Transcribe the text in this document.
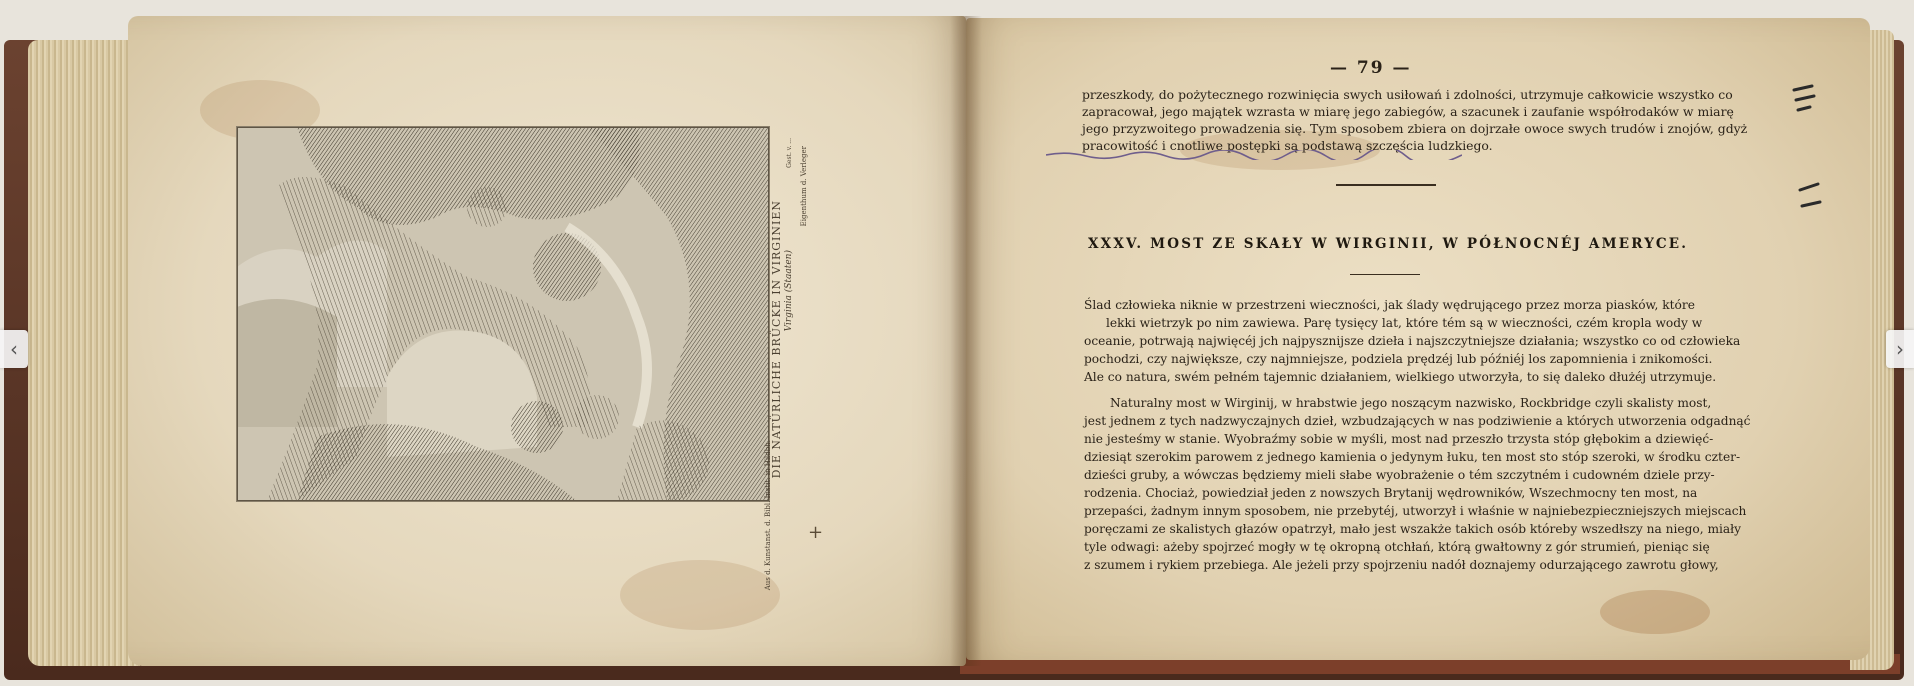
DIE NATÜRLICHE BRÜCKE IN VIRGINIEN Virginia (Staaten)
Eigenthum d. Verleger
Aus d. Kunstanst. d. Bibl. Instit. in Hildbh.
Gest. v. ...
+
— 79 —
przeszkody, do pożytecznego rozwinięcia swych usiłowań i zdolności, utrzymuje całkowicie wszystko co
zapracował, jego majątek wzrasta w miarę jego zabiegów, a szacunek i zaufanie współrodaków w miarę
jego przyzwoitego prowadzenia się. Tym sposobem zbiera on dojrzałe owoce swych trudów i znojów, gdyż
pracowitość i cnotliwe postępki są podstawą szczęścia ludzkiego.
XXXV. MOST ZE SKAŁY W WIRGINII, W PÓŁNOCNÉJ AMERYCE.
Ślad człowieka niknie w przestrzeni wieczności, jak ślady wędrującego przez morza piasków, które
lekki wietrzyk po nim zawiewa. Parę tysięcy lat, które tém są w wieczności, czém kropla wody w
oceanie, potrwają najwięcéj jch najpysznijsze dzieła i najszczytniejsze działania; wszystko co od człowieka
pochodzi, czy największe, czy najmniejsze, podziela prędzéj lub późniéj los zapomnienia i znikomości.
Ale co natura, swém pełném tajemnic działaniem, wielkiego utworzyła, to się daleko dłużéj utrzymuje.
Naturalny most w Wirginij, w hrabstwie jego noszącym nazwisko, Rockbridge czyli skalisty most,
jest jednem z tych nadzwyczajnych dzieł, wzbudzających w nas podziwienie a których utworzenia odgadnąć
nie jesteśmy w stanie. Wyobraźmy sobie w myśli, most nad przeszło trzysta stóp głębokim a dziewięć-
dziesiąt szerokim parowem z jednego kamienia o jedynym łuku, ten most sto stóp szeroki, w środku czter-
dzieści gruby, a wówczas będziemy mieli słabe wyobrażenie o tém szczytném i cudowném dziele przy-
rodzenia. Chociaż, powiedział jeden z nowszych Brytanij wędrowników, Wszechmocny ten most, na
przepaści, żadnym innym sposobem, nie przebytéj, utworzył i właśnie w najniebezpieczniejszych miejscach
poręczami ze skalistych głazów opatrzył, mało jest wszakże takich osób któreby wszedłszy na niego, miały
tyle odwagi: ażeby spojrzeć mogły w tę okropną otchłań, którą gwałtowny z gór strumień, pieniąc się
z szumem i rykiem przebiega. Ale jeżeli przy spojrzeniu nadół doznajemy odurzającego zawrotu głowy,
‹	›
